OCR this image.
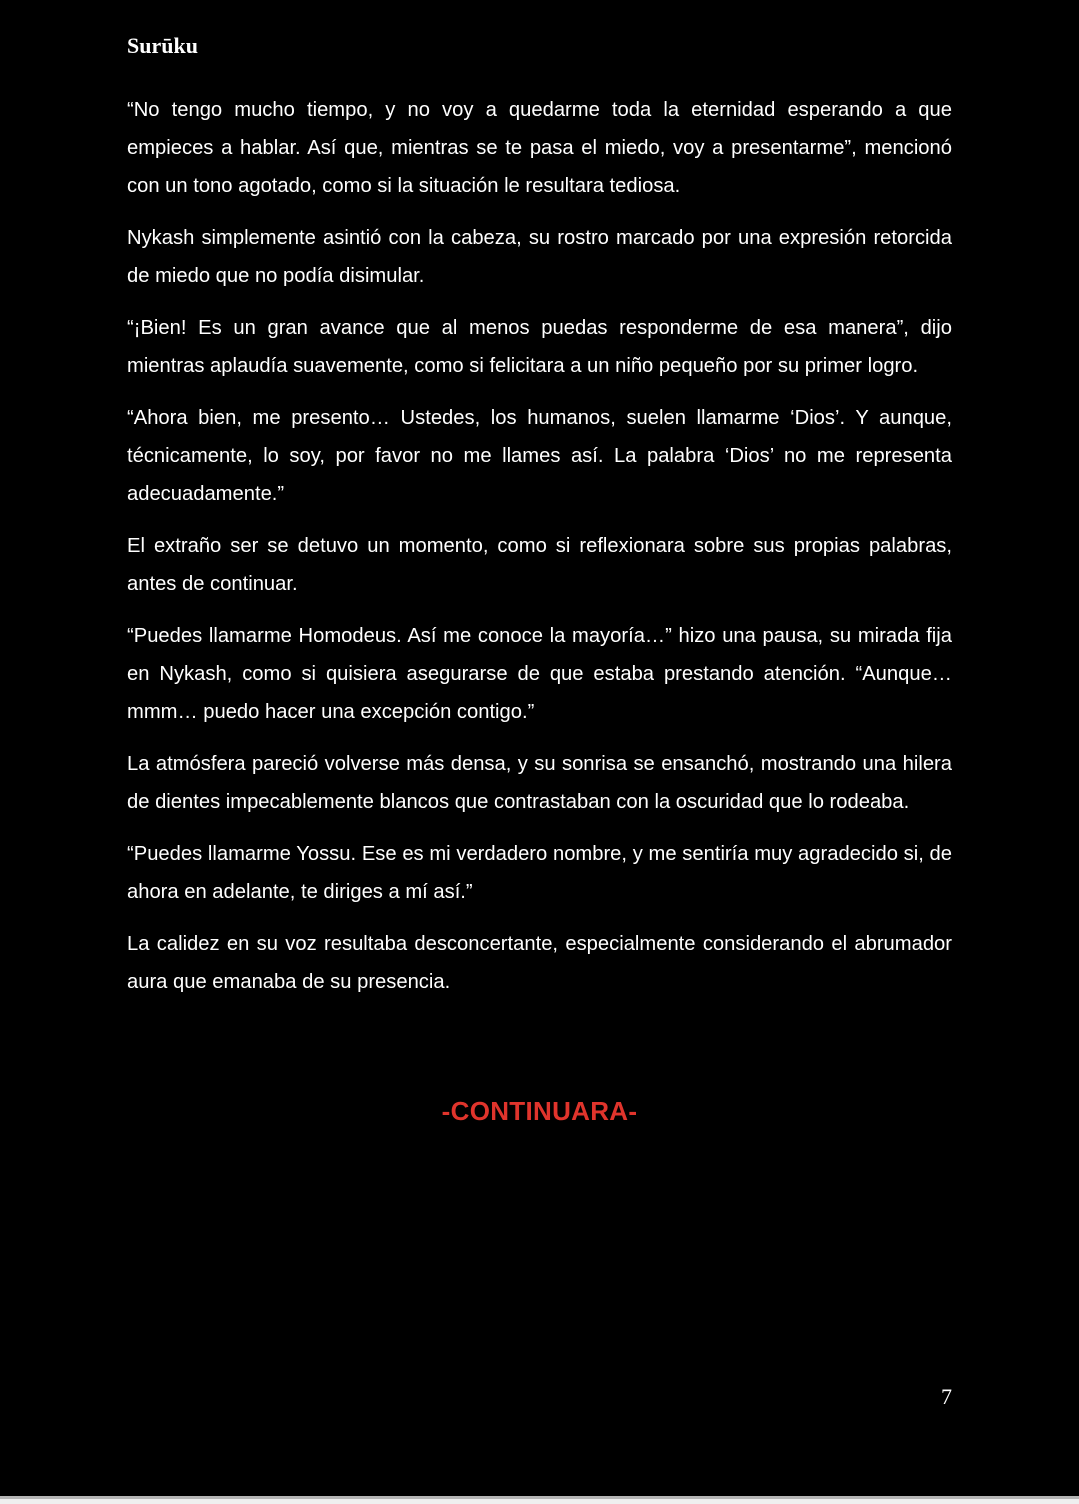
Surūku

“No tengo mucho tiempo, y no voy a quedarme toda la eternidad esperando a que empieces a hablar. Así que, mientras se te pasa el miedo, voy a presentarme”, mencionó con un tono agotado, como si la situación le resultara tediosa.

Nykash simplemente asintió con la cabeza, su rostro marcado por una expresión retorcida de miedo que no podía disimular.

“¡Bien! Es un gran avance que al menos puedas responderme de esa manera”, dijo mientras aplaudía suavemente, como si felicitara a un niño pequeño por su primer logro.

“Ahora bien, me presento… Ustedes, los humanos, suelen llamarme ‘Dios’. Y aunque, técnicamente, lo soy, por favor no me llames así. La palabra ‘Dios’ no me representa adecuadamente.”

El extraño ser se detuvo un momento, como si reflexionara sobre sus propias palabras, antes de continuar.

“Puedes llamarme Homodeus. Así me conoce la mayoría…” hizo una pausa, su mirada fija en Nykash, como si quisiera asegurarse de que estaba prestando atención. “Aunque… mmm… puedo hacer una excepción contigo.”

La atmósfera pareció volverse más densa, y su sonrisa se ensanchó, mostrando una hilera de dientes impecablemente blancos que contrastaban con la oscuridad que lo rodeaba.

“Puedes llamarme Yossu. Ese es mi verdadero nombre, y me sentiría muy agradecido si, de ahora en adelante, te diriges a mí así.”

La calidez en su voz resultaba desconcertante, especialmente considerando el abrumador aura que emanaba de su presencia.

-CONTINUARA-
7
